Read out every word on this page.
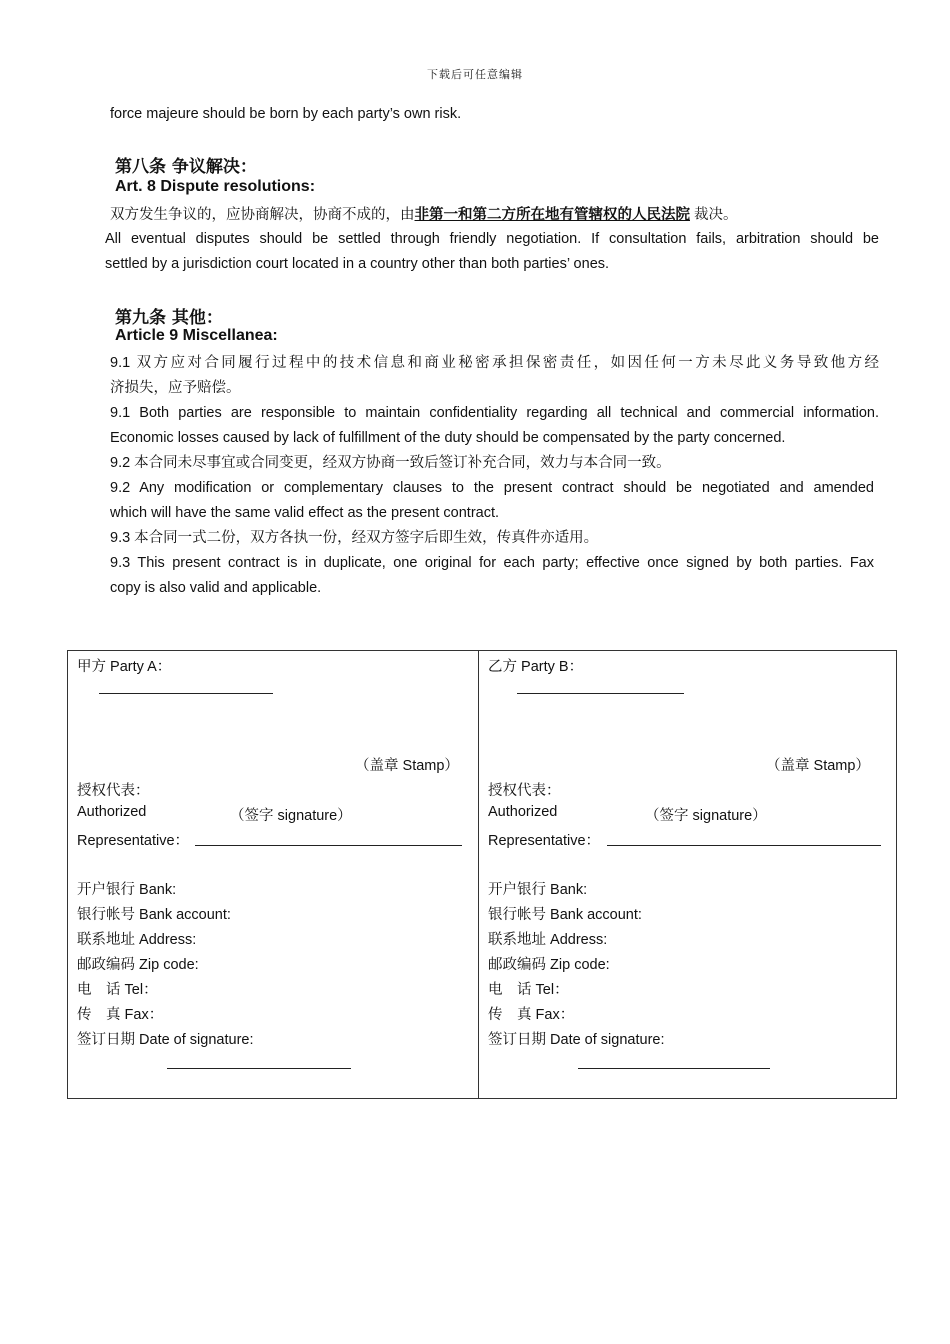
下载后可任意编辑
force majeure should be born by each party’s own risk.
第八条 争议解决：
Art. 8 Dispute resolutions:
双方发生争议的，应协商解决，协商不成的，由非第一和第二方所在地有管辖权的人民法院 裁决。
All eventual disputes should be settled through friendly negotiation. If consultation fails, arbitration should be
settled by a jurisdiction court located in a country other than both parties’ ones.
第九条 其他：
Article 9 Miscellanea:
9.1 双方应对合同履行过程中的技术信息和商业秘密承担保密责任，如因任何一方未尽此义务导致他方经
济损失，应予赔偿。
9.1 Both parties are responsible to maintain confidentiality regarding all technical and commercial information.
Economic losses caused by lack of fulfillment of the duty should be compensated by the party concerned.
9.2 本合同未尽事宜或合同变更，经双方协商一致后签订补充合同，效力与本合同一致。
9.2 Any modification or complementary clauses to the present contract should be negotiated and amended
which will have the same valid effect as the present contract.
9.3 本合同一式二份，双方各执一份，经双方签字后即生效，传真件亦适用。
9.3 This present contract is in duplicate, one original for each party; effective once signed by both parties. Fax
copy is also valid and applicable.
甲方 Party A：
（盖章 Stamp）
授权代表：
Authorized	（签字 signature）
Representative：
开户银行 Bank:
银行帐号 Bank account:
联系地址 Address:
邮政编码 Zip code:
电　话 Tel：
传　真 Fax：
签订日期 Date of signature:
乙方 Party B：
（盖章 Stamp）
授权代表：
Authorized	（签字 signature）
Representative：
开户银行 Bank:
银行帐号 Bank account:
联系地址 Address:
邮政编码 Zip code:
电　话 Tel：
传　真 Fax：
签订日期 Date of signature:
